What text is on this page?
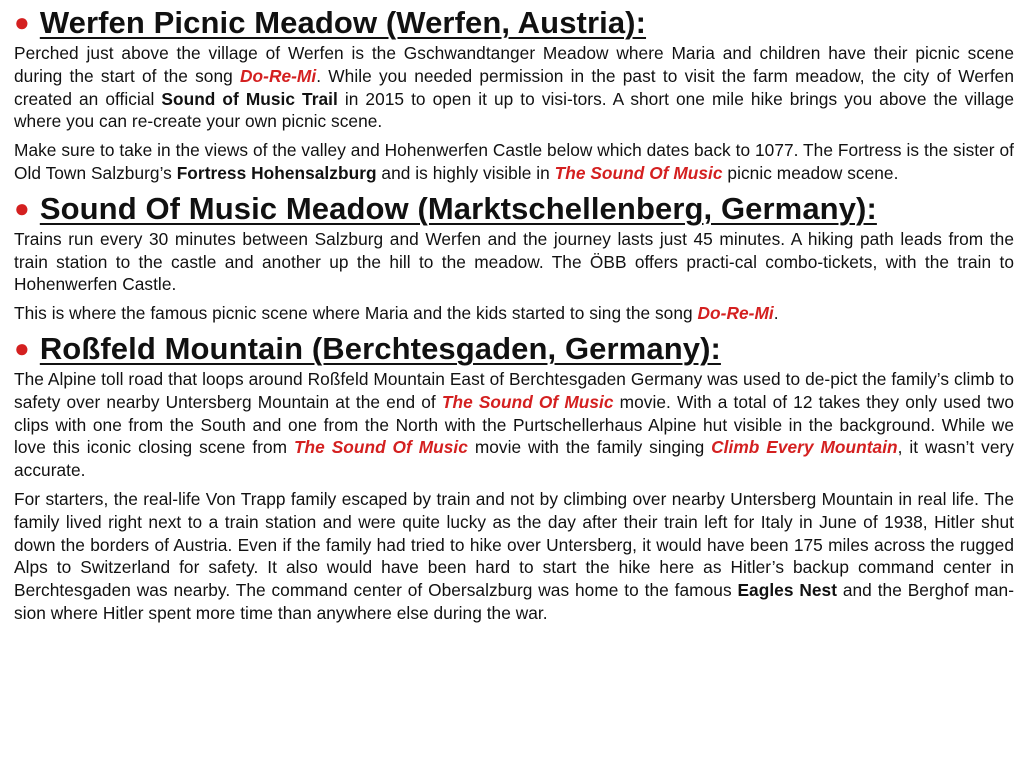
● Werfen Picnic Meadow (Werfen, Austria):

Perched just above the village of Werfen is the Gschwandtanger Meadow where Maria and children have their picnic scene during the start of the song Do-Re-Mi. While you needed permission in the past to visit the farm meadow, the city of Werfen created an official Sound of Music Trail in 2015 to open it up to visi-tors. A short one mile hike brings you above the village where you can re-create your own picnic scene.

Make sure to take in the views of the valley and Hohenwerfen Castle below which dates back to 1077. The Fortress is the sister of Old Town Salzburg’s Fortress Hohensalzburg and is highly visible in The Sound Of Music picnic meadow scene.

● Sound Of Music Meadow (Marktschellenberg, Germany):

Trains run every 30 minutes between Salzburg and Werfen and the journey lasts just 45 minutes. A hiking path leads from the train station to the castle and another up the hill to the meadow. The ÖBB offers practi-cal combo-tickets, with the train to Hohenwerfen Castle.

This is where the famous picnic scene where Maria and the kids started to sing the song Do-Re-Mi.

● Roßfeld Mountain (Berchtesgaden, Germany):

The Alpine toll road that loops around Roßfeld Mountain East of Berchtesgaden Germany was used to de-pict the family’s climb to safety over nearby Untersberg Mountain at the end of The Sound Of Music movie. With a total of 12 takes they only used two clips with one from the South and one from the North with the Purtschellerhaus Alpine hut visible in the background. While we love this iconic closing scene from The Sound Of Music movie with the family singing Climb Every Mountain, it wasn’t very accurate.

For starters, the real-life Von Trapp family escaped by train and not by climbing over nearby Untersberg Mountain in real life. The family lived right next to a train station and were quite lucky as the day after their train left for Italy in June of 1938, Hitler shut down the borders of Austria. Even if the family had tried to hike over Untersberg, it would have been 175 miles across the rugged Alps to Switzerland for safety. It also would have been hard to start the hike here as Hitler’s backup command center in Berchtesgaden was nearby. The command center of Obersalzburg was home to the famous Eagles Nest and the Berghof man-sion where Hitler spent more time than anywhere else during the war.
